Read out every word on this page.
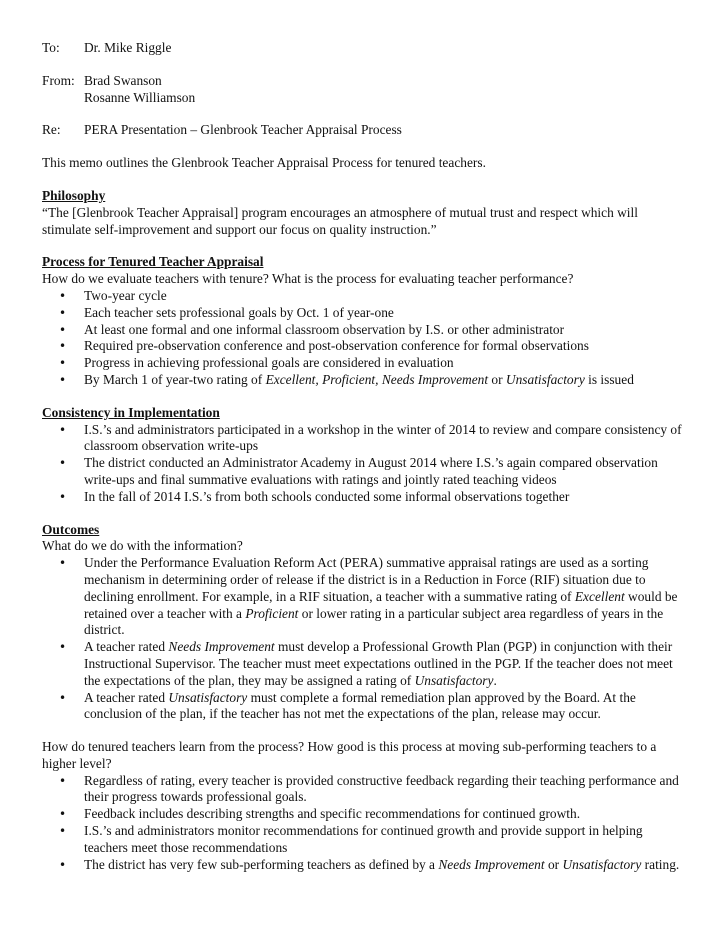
To:	Dr. Mike Riggle
From: Brad Swanson
Rosanne Williamson
Re:	PERA Presentation – Glenbrook Teacher Appraisal Process
This memo outlines the Glenbrook Teacher Appraisal Process for tenured teachers.
Philosophy
“The [Glenbrook Teacher Appraisal] program encourages an atmosphere of mutual trust and respect which will stimulate self-improvement and support our focus on quality instruction.”
Process for Tenured Teacher Appraisal
How do we evaluate teachers with tenure? What is the process for evaluating teacher performance?
• Two-year cycle
• Each teacher sets professional goals by Oct. 1 of year-one
• At least one formal and one informal classroom observation by I.S. or other administrator
• Required pre-observation conference and post-observation conference for formal observations
• Progress in achieving professional goals are considered in evaluation
• By March 1 of year-two rating of Excellent, Proficient, Needs Improvement or Unsatisfactory is issued
Consistency in Implementation
• I.S.’s and administrators participated in a workshop in the winter of 2014 to review and compare consistency of classroom observation write-ups
• The district conducted an Administrator Academy in August 2014 where I.S.’s again compared observation write-ups and final summative evaluations with ratings and jointly rated teaching videos
• In the fall of 2014 I.S.’s from both schools conducted some informal observations together
Outcomes
What do we do with the information?
• Under the Performance Evaluation Reform Act (PERA) summative appraisal ratings are used as a sorting mechanism in determining order of release if the district is in a Reduction in Force (RIF) situation due to declining enrollment. For example, in a RIF situation, a teacher with a summative rating of Excellent would be retained over a teacher with a Proficient or lower rating in a particular subject area regardless of years in the district.
• A teacher rated Needs Improvement must develop a Professional Growth Plan (PGP) in conjunction with their Instructional Supervisor. The teacher must meet expectations outlined in the PGP. If the teacher does not meet the expectations of the plan, they may be assigned a rating of Unsatisfactory.
• A teacher rated Unsatisfactory must complete a formal remediation plan approved by the Board. At the conclusion of the plan, if the teacher has not met the expectations of the plan, release may occur.
How do tenured teachers learn from the process? How good is this process at moving sub-performing teachers to a higher level?
• Regardless of rating, every teacher is provided constructive feedback regarding their teaching performance and their progress towards professional goals.
• Feedback includes describing strengths and specific recommendations for continued growth.
• I.S.’s and administrators monitor recommendations for continued growth and provide support in helping teachers meet those recommendations
• The district has very few sub-performing teachers as defined by a Needs Improvement or Unsatisfactory rating.
